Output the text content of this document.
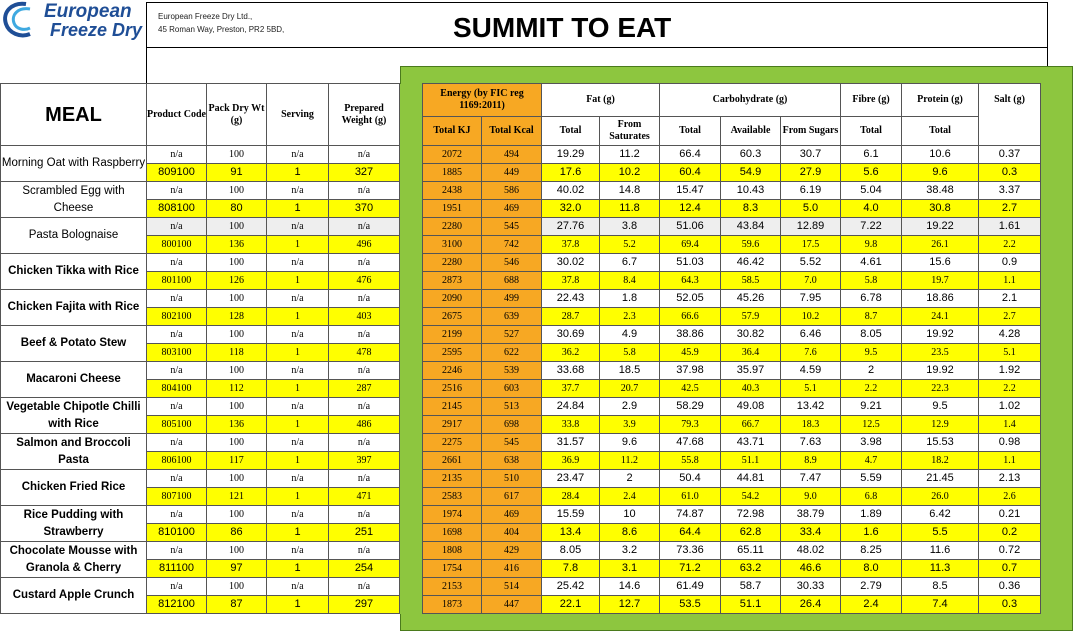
European
Freeze Dry
European Freeze Dry Ltd.,
45 Roman Way, Preston, PR2 5BD,	SUMMIT TO EAT
MEAL	Product Code	Pack Dry Wt (g)	Serving	Prepared Weight (g)		Energy (by FIC reg 1169:2011)		Fat (g)		Carbohydrate (g)			Fibre (g)	Protein (g)	Salt (g)
						Total KJ	Total Kcal	Total	From Saturates	Total	Available	From Sugars	Total	Total	
Morning Oat with Raspberry	n/a	100	n/a	n/a		2072	494	19.29	11.2	66.4	60.3	30.7	6.1	10.6	0.37
	809100	91	1	327		1885	449	17.6	10.2	60.4	54.9	27.9	5.6	9.6	0.3
Scrambled Egg with Cheese	n/a	100	n/a	n/a		2438	586	40.02	14.8	15.47	10.43	6.19	5.04	38.48	3.37
	808100	80	1	370		1951	469	32.0	11.8	12.4	8.3	5.0	4.0	30.8	2.7
Pasta Bolognaise	n/a	100	n/a	n/a		2280	545	27.76	3.8	51.06	43.84	12.89	7.22	19.22	1.61
	800100	136	1	496		3100	742	37.8	5.2	69.4	59.6	17.5	9.8	26.1	2.2
Chicken Tikka with Rice	n/a	100	n/a	n/a		2280	546	30.02	6.7	51.03	46.42	5.52	4.61	15.6	0.9
	801100	126	1	476		2873	688	37.8	8.4	64.3	58.5	7.0	5.8	19.7	1.1
Chicken Fajita with Rice	n/a	100	n/a	n/a		2090	499	22.43	1.8	52.05	45.26	7.95	6.78	18.86	2.1
	802100	128	1	403		2675	639	28.7	2.3	66.6	57.9	10.2	8.7	24.1	2.7
Beef & Potato Stew	n/a	100	n/a	n/a		2199	527	30.69	4.9	38.86	30.82	6.46	8.05	19.92	4.28
	803100	118	1	478		2595	622	36.2	5.8	45.9	36.4	7.6	9.5	23.5	5.1
Macaroni Cheese	n/a	100	n/a	n/a		2246	539	33.68	18.5	37.98	35.97	4.59	2	19.92	1.92
	804100	112	1	287		2516	603	37.7	20.7	42.5	40.3	5.1	2.2	22.3	2.2
Vegetable Chipotle Chilli with Rice	n/a	100	n/a	n/a		2145	513	24.84	2.9	58.29	49.08	13.42	9.21	9.5	1.02
	805100	136	1	486		2917	698	33.8	3.9	79.3	66.7	18.3	12.5	12.9	1.4
Salmon and Broccoli Pasta	n/a	100	n/a	n/a		2275	545	31.57	9.6	47.68	43.71	7.63	3.98	15.53	0.98
	806100	117	1	397		2661	638	36.9	11.2	55.8	51.1	8.9	4.7	18.2	1.1
Chicken Fried Rice	n/a	100	n/a	n/a		2135	510	23.47	2	50.4	44.81	7.47	5.59	21.45	2.13
	807100	121	1	471		2583	617	28.4	2.4	61.0	54.2	9.0	6.8	26.0	2.6
Rice Pudding with Strawberry	n/a	100	n/a	n/a		1974	469	15.59	10	74.87	72.98	38.79	1.89	6.42	0.21
	810100	86	1	251		1698	404	13.4	8.6	64.4	62.8	33.4	1.6	5.5	0.2
Chocolate Mousse with Granola & Cherry	n/a	100	n/a	n/a		1808	429	8.05	3.2	73.36	65.11	48.02	8.25	11.6	0.72
	811100	97	1	254		1754	416	7.8	3.1	71.2	63.2	46.6	8.0	11.3	0.7
Custard Apple Crunch	n/a	100	n/a	n/a		2153	514	25.42	14.6	61.49	58.7	30.33	2.79	8.5	0.36
	812100	87	1	297		1873	447	22.1	12.7	53.5	51.1	26.4	2.4	7.4	0.3
